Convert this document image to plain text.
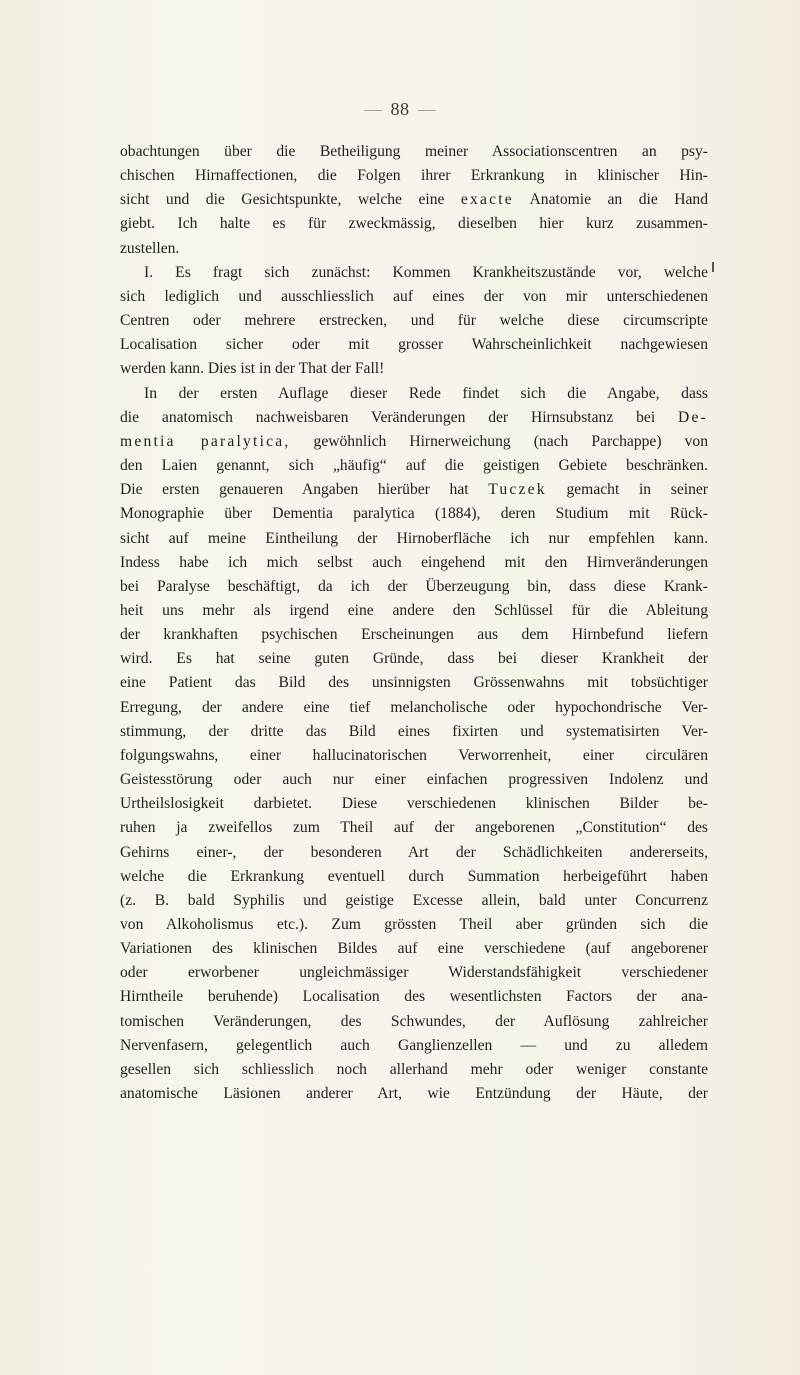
— 88 —

obachtungen über die Betheiligung meiner Associationscentren an psy-
chischen Hirnaffectionen, die Folgen ihrer Erkrankung in klinischer Hin-
sicht und die Gesichtspunkte, welche eine exacte Anatomie an die Hand
giebt. Ich halte es für zweckmässig, dieselben hier kurz zusammen-
zustellen.

I. Es fragt sich zunächst: Kommen Krankheitszustände vor, welche
sich lediglich und ausschliesslich auf eines der von mir unterschiedenen
Centren oder mehrere erstrecken, und für welche diese circumscripte
Localisation sicher oder mit grosser Wahrscheinlichkeit nachgewiesen
werden kann. Dies ist in der That der Fall!

In der ersten Auflage dieser Rede findet sich die Angabe, dass
die anatomisch nachweisbaren Veränderungen der Hirnsubstanz bei De-
mentia paralytica, gewöhnlich Hirnerweichung (nach Parchappe) von
den Laien genannt, sich „häufig“ auf die geistigen Gebiete beschränken.
Die ersten genaueren Angaben hierüber hat Tuczek gemacht in seiner
Monographie über Dementia paralytica (1884), deren Studium mit Rück-
sicht auf meine Eintheilung der Hirnoberfläche ich nur empfehlen kann.
Indess habe ich mich selbst auch eingehend mit den Hirnveränderungen
bei Paralyse beschäftigt, da ich der Überzeugung bin, dass diese Krank-
heit uns mehr als irgend eine andere den Schlüssel für die Ableitung
der krankhaften psychischen Erscheinungen aus dem Hirnbefund liefern
wird. Es hat seine guten Gründe, dass bei dieser Krankheit der
eine Patient das Bild des unsinnigsten Grössenwahns mit tobsüchtiger
Erregung, der andere eine tief melancholische oder hypochondrische Ver-
stimmung, der dritte das Bild eines fixirten und systematisirten Ver-
folgungswahns, einer hallucinatorischen Verworrenheit, einer circulären
Geistesstörung oder auch nur einer einfachen progressiven Indolenz und
Urtheilslosigkeit darbietet. Diese verschiedenen klinischen Bilder be-
ruhen ja zweifellos zum Theil auf der angeborenen „Constitution“ des
Gehirns einer-, der besonderen Art der Schädlichkeiten andererseits,
welche die Erkrankung eventuell durch Summation herbeigeführt haben
(z. B. bald Syphilis und geistige Excesse allein, bald unter Concurrenz
von Alkoholismus etc.). Zum grössten Theil aber gründen sich die
Variationen des klinischen Bildes auf eine verschiedene (auf angeborener
oder erworbener ungleichmässiger Widerstandsfähigkeit verschiedener
Hirntheile beruhende) Localisation des wesentlichsten Factors der ana-
tomischen Veränderungen, des Schwundes, der Auflösung zahlreicher
Nervenfasern, gelegentlich auch Ganglienzellen — und zu alledem
gesellen sich schliesslich noch allerhand mehr oder weniger constante
anatomische Läsionen anderer Art, wie Entzündung der Häute, der
